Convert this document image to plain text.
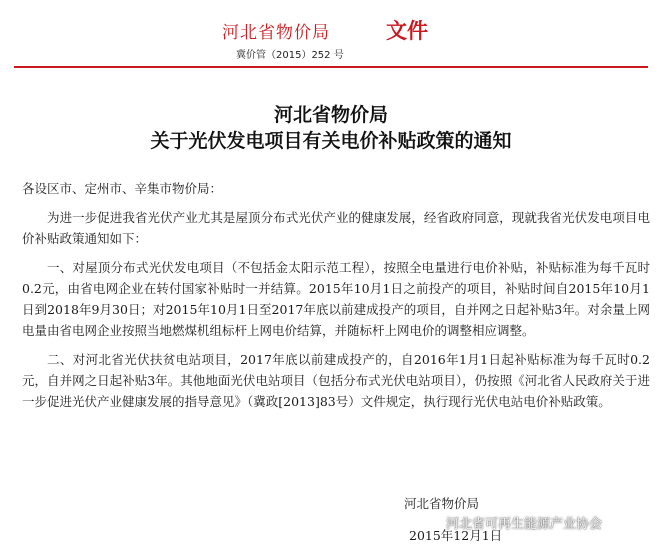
河北省物价局	文件
冀价管（2015）252 号
河北省物价局
关于光伏发电项目有关电价补贴政策的通知
各设区市、定州市、辛集市物价局：

为进一步促进我省光伏产业尤其是屋顶分布式光伏产业的健康发展，经省政府同意，现就我省光伏发电项目电价补贴政策通知如下：

一、对屋顶分布式光伏发电项目（不包括金太阳示范工程），按照全电量进行电价补贴，补贴标准为每千瓦时0.2元，由省电网企业在转付国家补贴时一并结算。2015年10月1日之前投产的项目，补贴时间自2015年10月1日到2018年9月30日；对2015年10月1日至2017年底以前建成投产的项目，自并网之日起补贴3年。对余量上网电量由省电网企业按照当地燃煤机组标杆上网电价结算，并随标杆上网电价的调整相应调整。

二、对河北省光伏扶贫电站项目，2017年底以前建成投产的，自2016年1月1日起补贴标准为每千瓦时0.2元，自并网之日起补贴3年。其他地面光伏电站项目（包括分布式光伏电站项目），仍按照《河北省人民政府关于进一步促进光伏产业健康发展的指导意见》（冀政[2013]83号）文件规定，执行现行光伏电站电价补贴政策。

河北省物价局
2015年12月1日
河北省可再生能源产业协会
